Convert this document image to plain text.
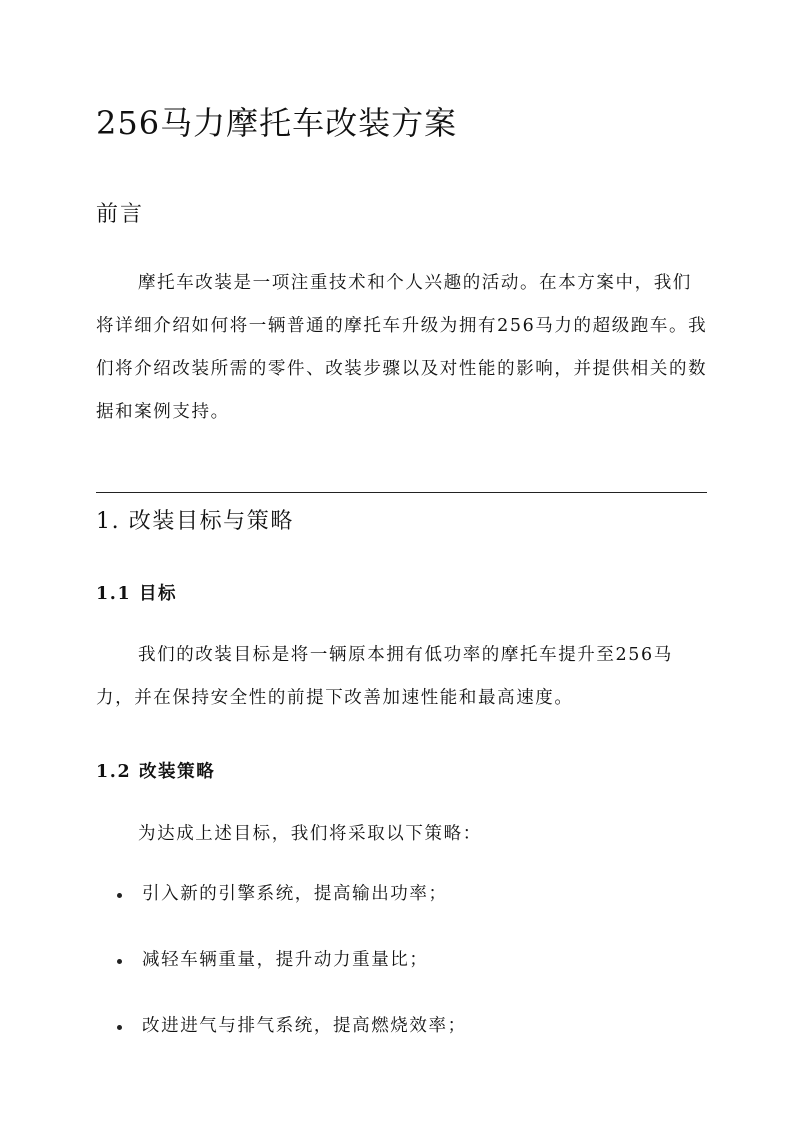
256马力摩托车改装方案
前言
摩托车改装是一项注重技术和个人兴趣的活动。在本方案中，我们将详细介绍如何将一辆普通的摩托车升级为拥有256马力的超级跑车。我们将介绍改装所需的零件、改装步骤以及对性能的影响，并提供相关的数据和案例支持。
1. 改装目标与策略
1.1 目标
我们的改装目标是将一辆原本拥有低功率的摩托车提升至256马力，并在保持安全性的前提下改善加速性能和最高速度。
1.2 改装策略
为达成上述目标，我们将采取以下策略：
引入新的引擎系统，提高输出功率；
减轻车辆重量，提升动力重量比；
改进进气与排气系统，提高燃烧效率；
